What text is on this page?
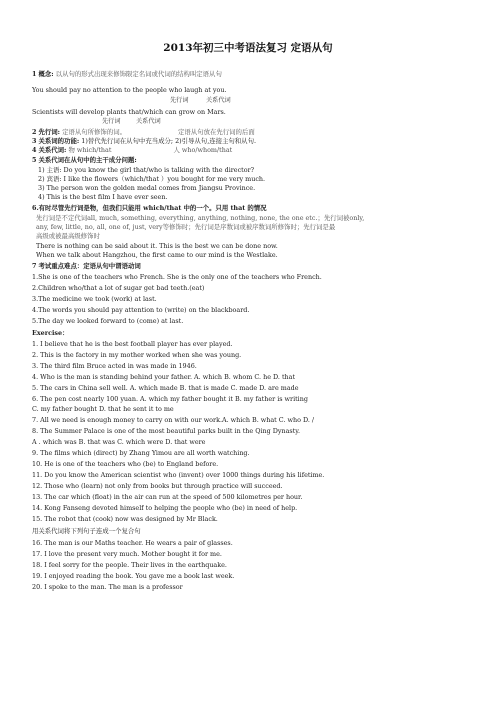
2013年初三中考语法复习 定语从句
1 概念: 以从句的形式出现来修饰限定名词或代词的结构叫定语从句
You should pay no attention to the people who laugh at you.
先行词	关系代词
Scientists will develop plants that/which can grow on Mars.
先行词 关系代词
2 先行词: 定语从句所修饰的词。	定语从句放在先行词的后面
3 关系词的功能: 1)替代先行词在从句中充当成分; 2)引导从句,连接主句和从句.
4 关系代词: 物 which/that	人 who/whom/that
5 关系代词在从句中的主干成分问题:
1) 主语: Do you know the girl that/who is talking with the director?
2) 宾语: I like the flowers（which/that ）you bought for me very much.
3) The person won the golden medal comes from Jiangsu Province.
4) This is the best film I have ever seen.
6.有时尽管先行词是物，但我们只能用 which/that 中的一个。只用 that 的情况
先行词是不定代词all, much, something, everything, anything, nothing, none, the one etc.；先行词被only,
any, few, little, no, all, one of, just, very等修饰时；先行词是序数词或被序数词所修饰时；先行词是最
高级或被最高级修饰时
There is nothing can be said about it. This is the best we can be done now.
When we talk about Hangzhou, the first came to our mind is the Westlake.
7 考试重点难点：定语从句中谓语动词
1.She is one of the teachers who French. She is the only one of the teachers who French.
2.Children who/that a lot of sugar get bad teeth.(eat)
3.The medicine we took (work) at last.
4.The words you should pay attention to (write) on the blackboard.
5.The day we looked forward to (come) at last.
Exercise：
1. I believe that he is the best football player has ever played.
2. This is the factory in my mother worked when she was young.
3. The third film Bruce acted in was made in 1946.
4. Who is the man is standing behind your father. A. which B. whom C. he D. that
5. The cars in China sell well. A. which made B. that is made C. made D. are made
6. The pen cost nearly 100 yuan. A. which my father bought it B. my father is writing
C. my father bought D. that he sent it to me
7. All we need is enough money to carry on with our work.A. which B. what C. who D. /
8. The Summer Palace is one of the most beautiful parks built in the Qing Dynasty.
A . which was B. that was C. which were D. that were
9. The films which (direct) by Zhang Yimou are all worth watching.
10. He is one of the teachers who (be) to England before.
11. Do you know the American scientist who (invent) over 1000 things during his lifetime.
12. Those who (learn) not only from books but through practice will succeed.
13. The car which (float) in the air can run at the speed of 500 kilometres per hour.
14. Kong Fanseng devoted himself to helping the people who (be) in need of help.
15. The robot that (cook) now was designed by Mr Black.
用关系代词将下列句子连成一个复合句
16. The man is our Maths teacher. He wears a pair of glasses.
17. I love the present very much. Mother bought it for me.
18. I feel sorry for the people. Their lives in the earthquake.
19. I enjoyed reading the book. You gave me a book last week.
20. I spoke to the man. The man is a professor
